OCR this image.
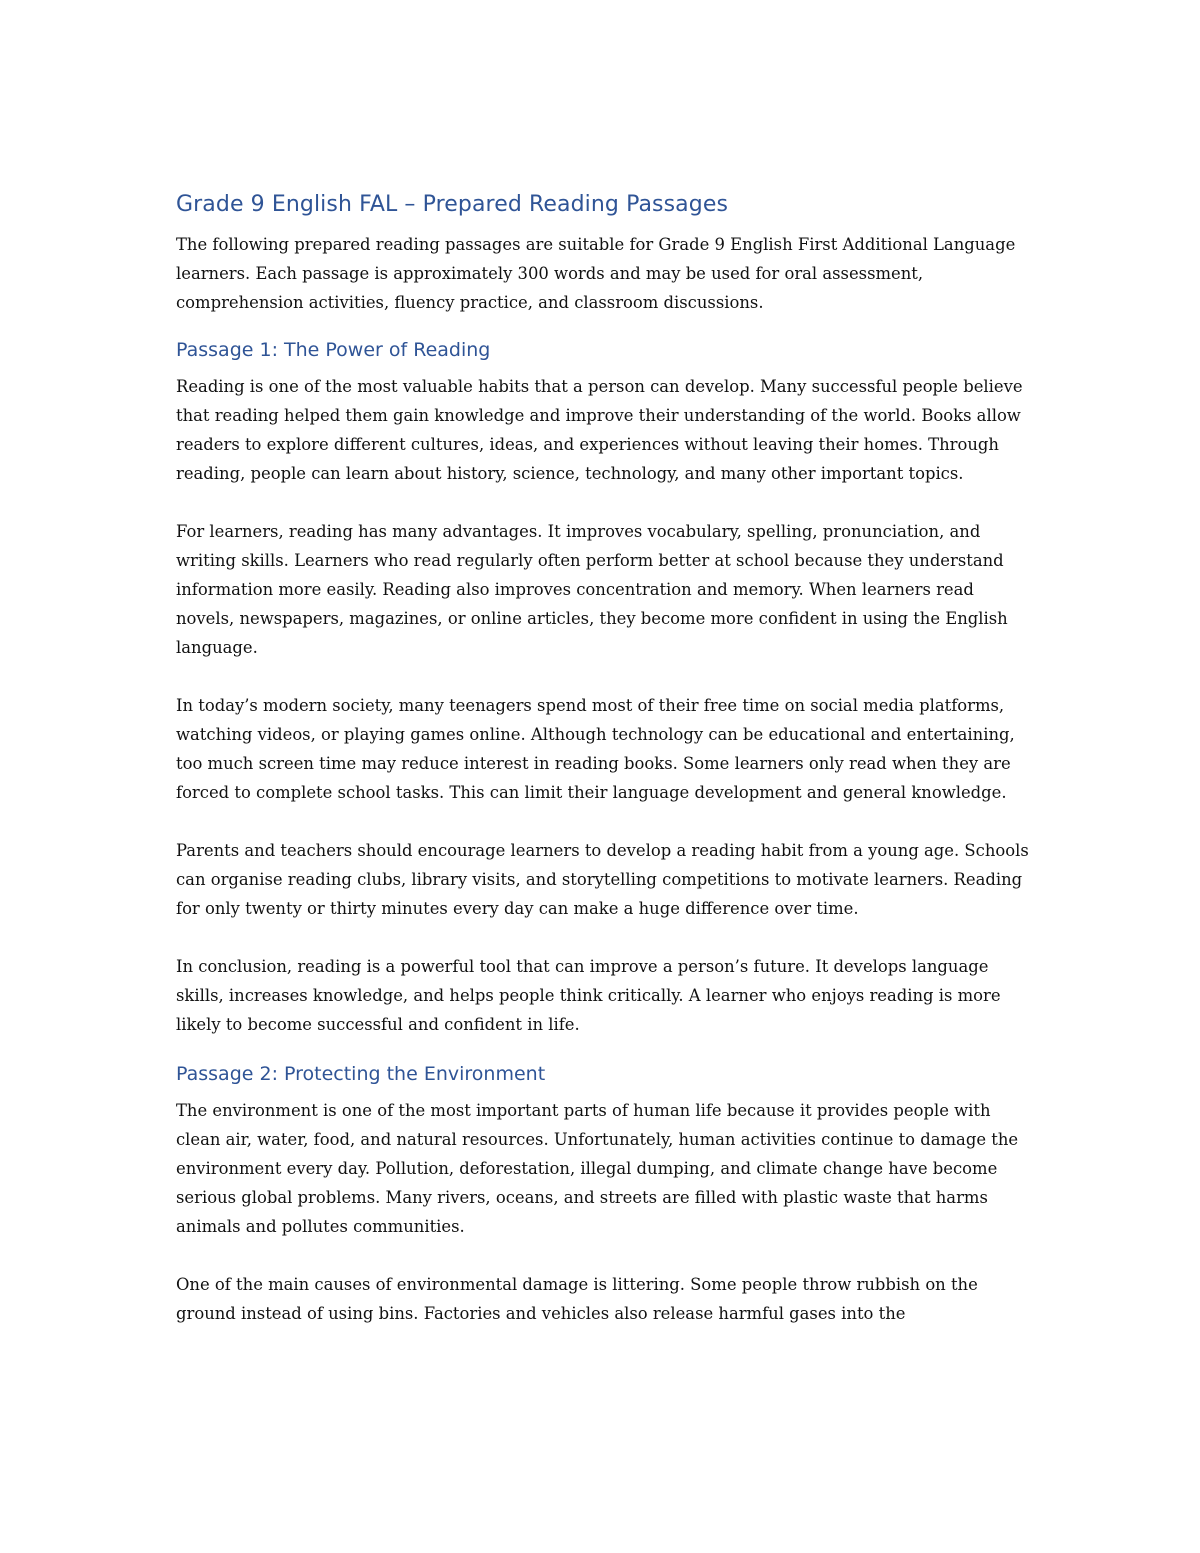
Grade 9 English FAL – Prepared Reading Passages

The following prepared reading passages are suitable for Grade 9 English First Additional Language learners. Each passage is approximately 300 words and may be used for oral assessment, comprehension activities, fluency practice, and classroom discussions.

Passage 1: The Power of Reading

Reading is one of the most valuable habits that a person can develop. Many successful people believe that reading helped them gain knowledge and improve their understanding of the world. Books allow readers to explore different cultures, ideas, and experiences without leaving their homes. Through reading, people can learn about history, science, technology, and many other important topics.

For learners, reading has many advantages. It improves vocabulary, spelling, pronunciation, and writing skills. Learners who read regularly often perform better at school because they understand information more easily. Reading also improves concentration and memory. When learners read novels, newspapers, magazines, or online articles, they become more confident in using the English language.

In today’s modern society, many teenagers spend most of their free time on social media platforms, watching videos, or playing games online. Although technology can be educational and entertaining, too much screen time may reduce interest in reading books. Some learners only read when they are forced to complete school tasks. This can limit their language development and general knowledge.

Parents and teachers should encourage learners to develop a reading habit from a young age. Schools can organise reading clubs, library visits, and storytelling competitions to motivate learners. Reading for only twenty or thirty minutes every day can make a huge difference over time.

In conclusion, reading is a powerful tool that can improve a person’s future. It develops language skills, increases knowledge, and helps people think critically. A learner who enjoys reading is more likely to become successful and confident in life.

Passage 2: Protecting the Environment

The environment is one of the most important parts of human life because it provides people with clean air, water, food, and natural resources. Unfortunately, human activities continue to damage the environment every day. Pollution, deforestation, illegal dumping, and climate change have become serious global problems. Many rivers, oceans, and streets are filled with plastic waste that harms animals and pollutes communities.

One of the main causes of environmental damage is littering. Some people throw rubbish on the ground instead of using bins. Factories and vehicles also release harmful gases into the
